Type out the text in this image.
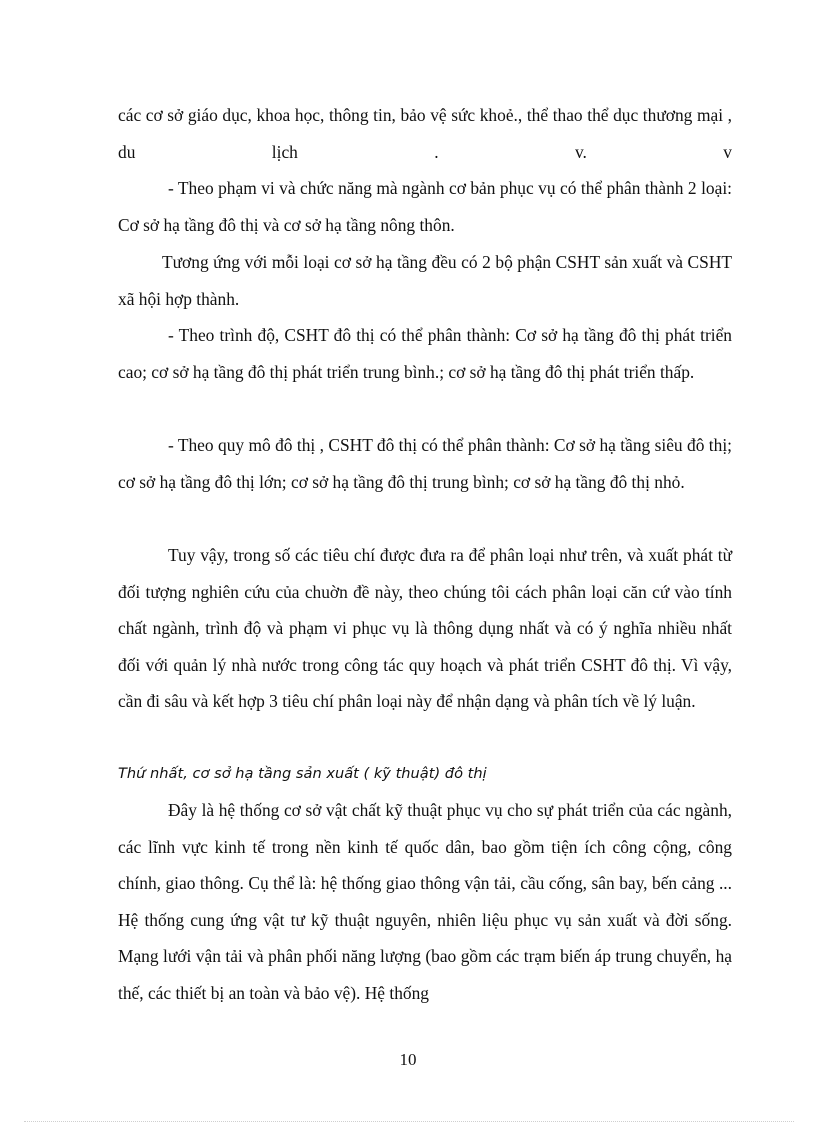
các cơ sở giáo dục, khoa học, thông tin, bảo vệ sức khoẻ., thể thao thể dục thương mại , du lịch . v. v

- Theo phạm vi và chức năng mà ngành cơ bản phục vụ có thể phân thành 2 loại: Cơ sở hạ tầng đô thị và cơ sở hạ tầng nông thôn.

Tương ứng với mỗi loại cơ sở hạ tầng đều có 2 bộ phận CSHT sản xuất và CSHT xã hội hợp thành.

- Theo trình độ, CSHT đô thị có thể phân thành: Cơ sở hạ tầng đô thị phát triển cao; cơ sở hạ tầng đô thị phát triển trung bình.; cơ sở hạ tầng đô thị phát triển thấp.

- Theo quy mô đô thị , CSHT đô thị có thể phân thành: Cơ sở hạ tầng siêu đô thị; cơ sở hạ tầng đô thị lớn; cơ sở hạ tầng đô thị trung bình; cơ sở hạ tầng đô thị nhỏ.

Tuy vậy, trong số các tiêu chí được đưa ra để phân loại như trên, và xuất phát từ đối tượng nghiên cứu của chuờn đề này, theo chúng tôi cách phân loại căn cứ vào tính chất ngành, trình độ và phạm vi phục vụ là thông dụng nhất và có ý nghĩa nhiều nhất đối với quản lý nhà nước trong công tác quy hoạch và phát triển CSHT đô thị. Vì vậy, cần đi sâu và kết hợp 3 tiêu chí phân loại này để nhận dạng và phân tích về lý luận.

Thứ nhất, cơ sở hạ tầng sản xuất ( kỹ thuật) đô thị

Đây là hệ thống cơ sở vật chất kỹ thuật phục vụ cho sự phát triển của các ngành, các lĩnh vực kinh tế trong nền kinh tế quốc dân, bao gồm tiện ích công cộng, công chính, giao thông. Cụ thể là: hệ thống giao thông vận tải, cầu cống, sân bay, bến cảng ... Hệ thống cung ứng vật tư kỹ thuật nguyên, nhiên liệu phục vụ sản xuất và đời sống. Mạng lưới vận tải và phân phối năng lượng (bao gồm các trạm biến áp trung chuyển, hạ thế, các thiết bị an toàn và bảo vệ). Hệ thống

10
